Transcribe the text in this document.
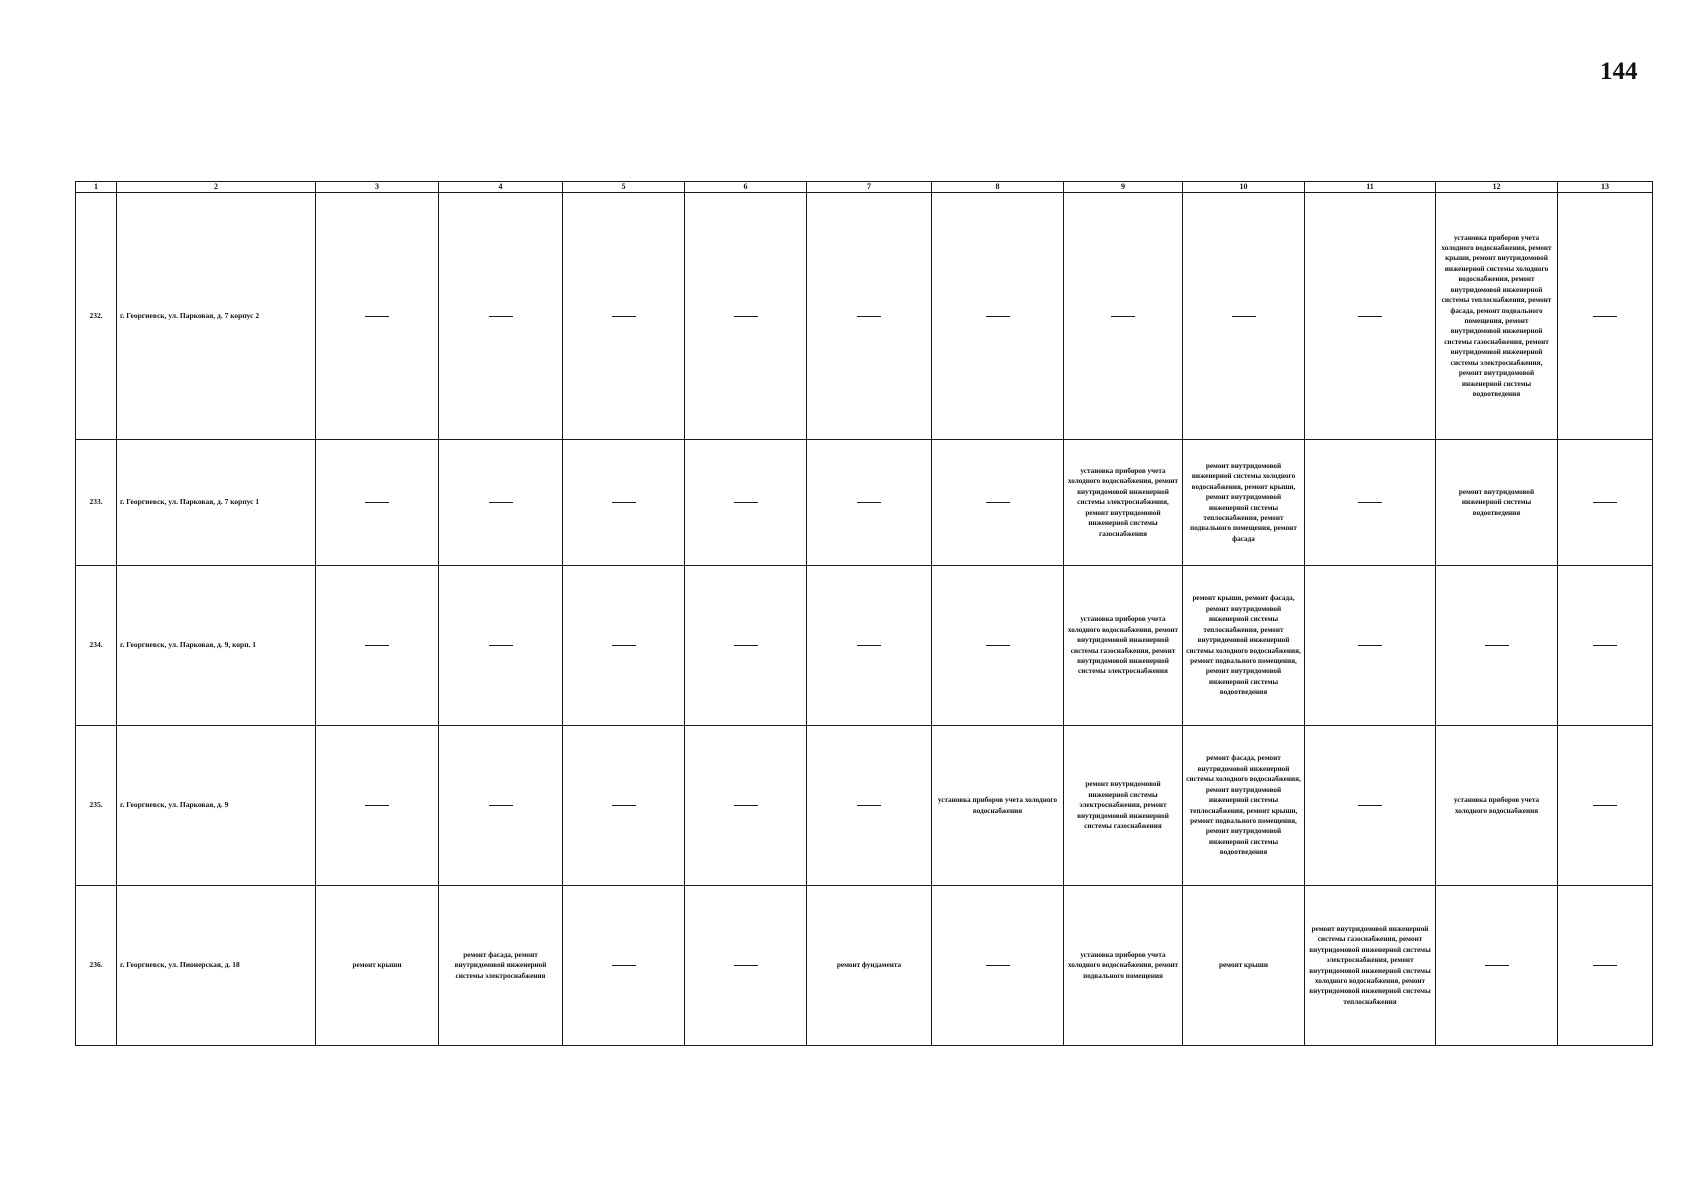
144
1	2	3	4	5	6	7	8	9	10	11	12	13
232.	г. Георгиевск, ул. Парковая, д. 7 корпус 2										установка приборов учета холодного водоснабжения, ремонт крыши, ремонт внутридомовой инженерной системы холодного водоснабжения, ремонт внутридомовой инженерной системы теплоснабжения, ремонт фасада, ремонт подвального помещения, ремонт внутридомовой инженерной системы газоснабжения, ремонт внутридомовой инженерной системы электроснабжения, ремонт внутридомовой инженерной системы водоотведения	
233.	г. Георгиевск, ул. Парковая, д. 7 корпус 1							установка приборов учета холодного водоснабжения, ремонт внутридомовой инженерной системы электроснабжения, ремонт внутридомовой инженерной системы газоснабжения	ремонт внутридомовой инженерной системы холодного водоснабжения, ремонт крыши, ремонт внутридомовой инженерной системы теплоснабжения, ремонт подвального помещения, ремонт фасада		ремонт внутридомовой инженерной системы водоотведения	
234.	г. Георгиевск, ул. Парковая, д. 9, корп. 1							установка приборов учета холодного водоснабжения, ремонт внутридомовой инженерной системы газоснабжения, ремонт внутридомовой инженерной системы электроснабжения	ремонт крыши, ремонт фасада, ремонт внутридомовой инженерной системы теплоснабжения, ремонт внутридомовой инженерной системы холодного водоснабжения, ремонт подвального помещения, ремонт внутридомовой инженерной системы водоотведения			
235.	г. Георгиевск, ул. Парковая, д. 9						установка приборов учета холодного водоснабжения	ремонт внутридомовой инженерной системы электроснабжения, ремонт внутридомовой инженерной системы газоснабжения	ремонт фасада, ремонт внутридомовой инженерной системы холодного водоснабжения, ремонт внутридомовой инженерной системы теплоснабжения, ремонт крыши, ремонт подвального помещения, ремонт внутридомовой инженерной системы водоотведения		установка приборов учета холодного водоснабжения	
236.	г. Георгиевск, ул. Пионерская, д. 18	ремонт крыши	ремонт фасада, ремонт внутридомовой инженерной системы электроснабжения			ремонт фундамента		установка приборов учета холодного водоснабжения, ремонт подвального помещения	ремонт крыши	ремонт внутридомовой инженерной системы газоснабжения, ремонт внутридомовой инженерной системы электроснабжения, ремонт внутридомовой инженерной системы холодного водоснабжения, ремонт внутридомовой инженерной системы теплоснабжения		
